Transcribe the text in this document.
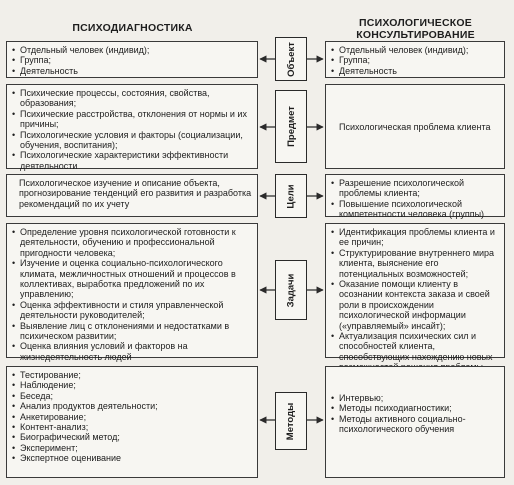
ПСИХОДИАГНОСТИКА	ПСИХОЛОГИЧЕСКОЕ
КОНСУЛЬТИРОВАНИЕ
• Отдельный человек (индивид);
• Группа;
• Деятельность	Объект
•	Отдельный человек (индивид);
• Группа;
• Деятельность
• Психические процессы, состояния, свойства, образования;
• Психические расстройства, отклонения от нормы и их причины;
• Психологические условия и факторы (социализации, обучения, воспитания);
• Психологические характеристики эффективности деятельности
Предмет	Психологическая проблема клиента

Психологическое изучение и описание объекта, прогнозирование тенденций его развития и разработка рекомендаций по их учету	Цели
• Разрешение психологической проблемы клиента;
• Повышение психологической компетентности человека (группы)
• Определение уровня психологической готовности к деятельности, обучению и профессиональной пригодности человека;
• Изучение и оценка социально-психологического климата, межличностных отношений и процессов в коллективах, выработка предложений по их управлению;
• Оценка эффективности и стиля управленческой деятельности руководителей;
• Выявление лиц с отклонениями и недостатками в психическом развитии;
• Оценка влияния условий и факторов на жизнедеятельность людей
Задачи
• Идентификация проблемы клиента и ее причин;
• Структурирование внутреннего мира клиента, выяснение его потенциальных возможностей;
• Оказание помощи клиенту в осознании контекста заказа и своей роли в происхождении психологической информации («управляемый» инсайт);
• Актуализация психических сил и способностей клиента, способствующих нахождению новых
• Тестирование;
• Наблюдение;
• Беседа;
• Анализ продуктов деятельности;
• Анкетирование;
• Контент-анализ;
• Биографический метод;
• Эксперимент;
• Экспертное оценивание
Методы
• Интервью;
• Методы психодиагностики;
• Методы активного социально-психологического обучения
